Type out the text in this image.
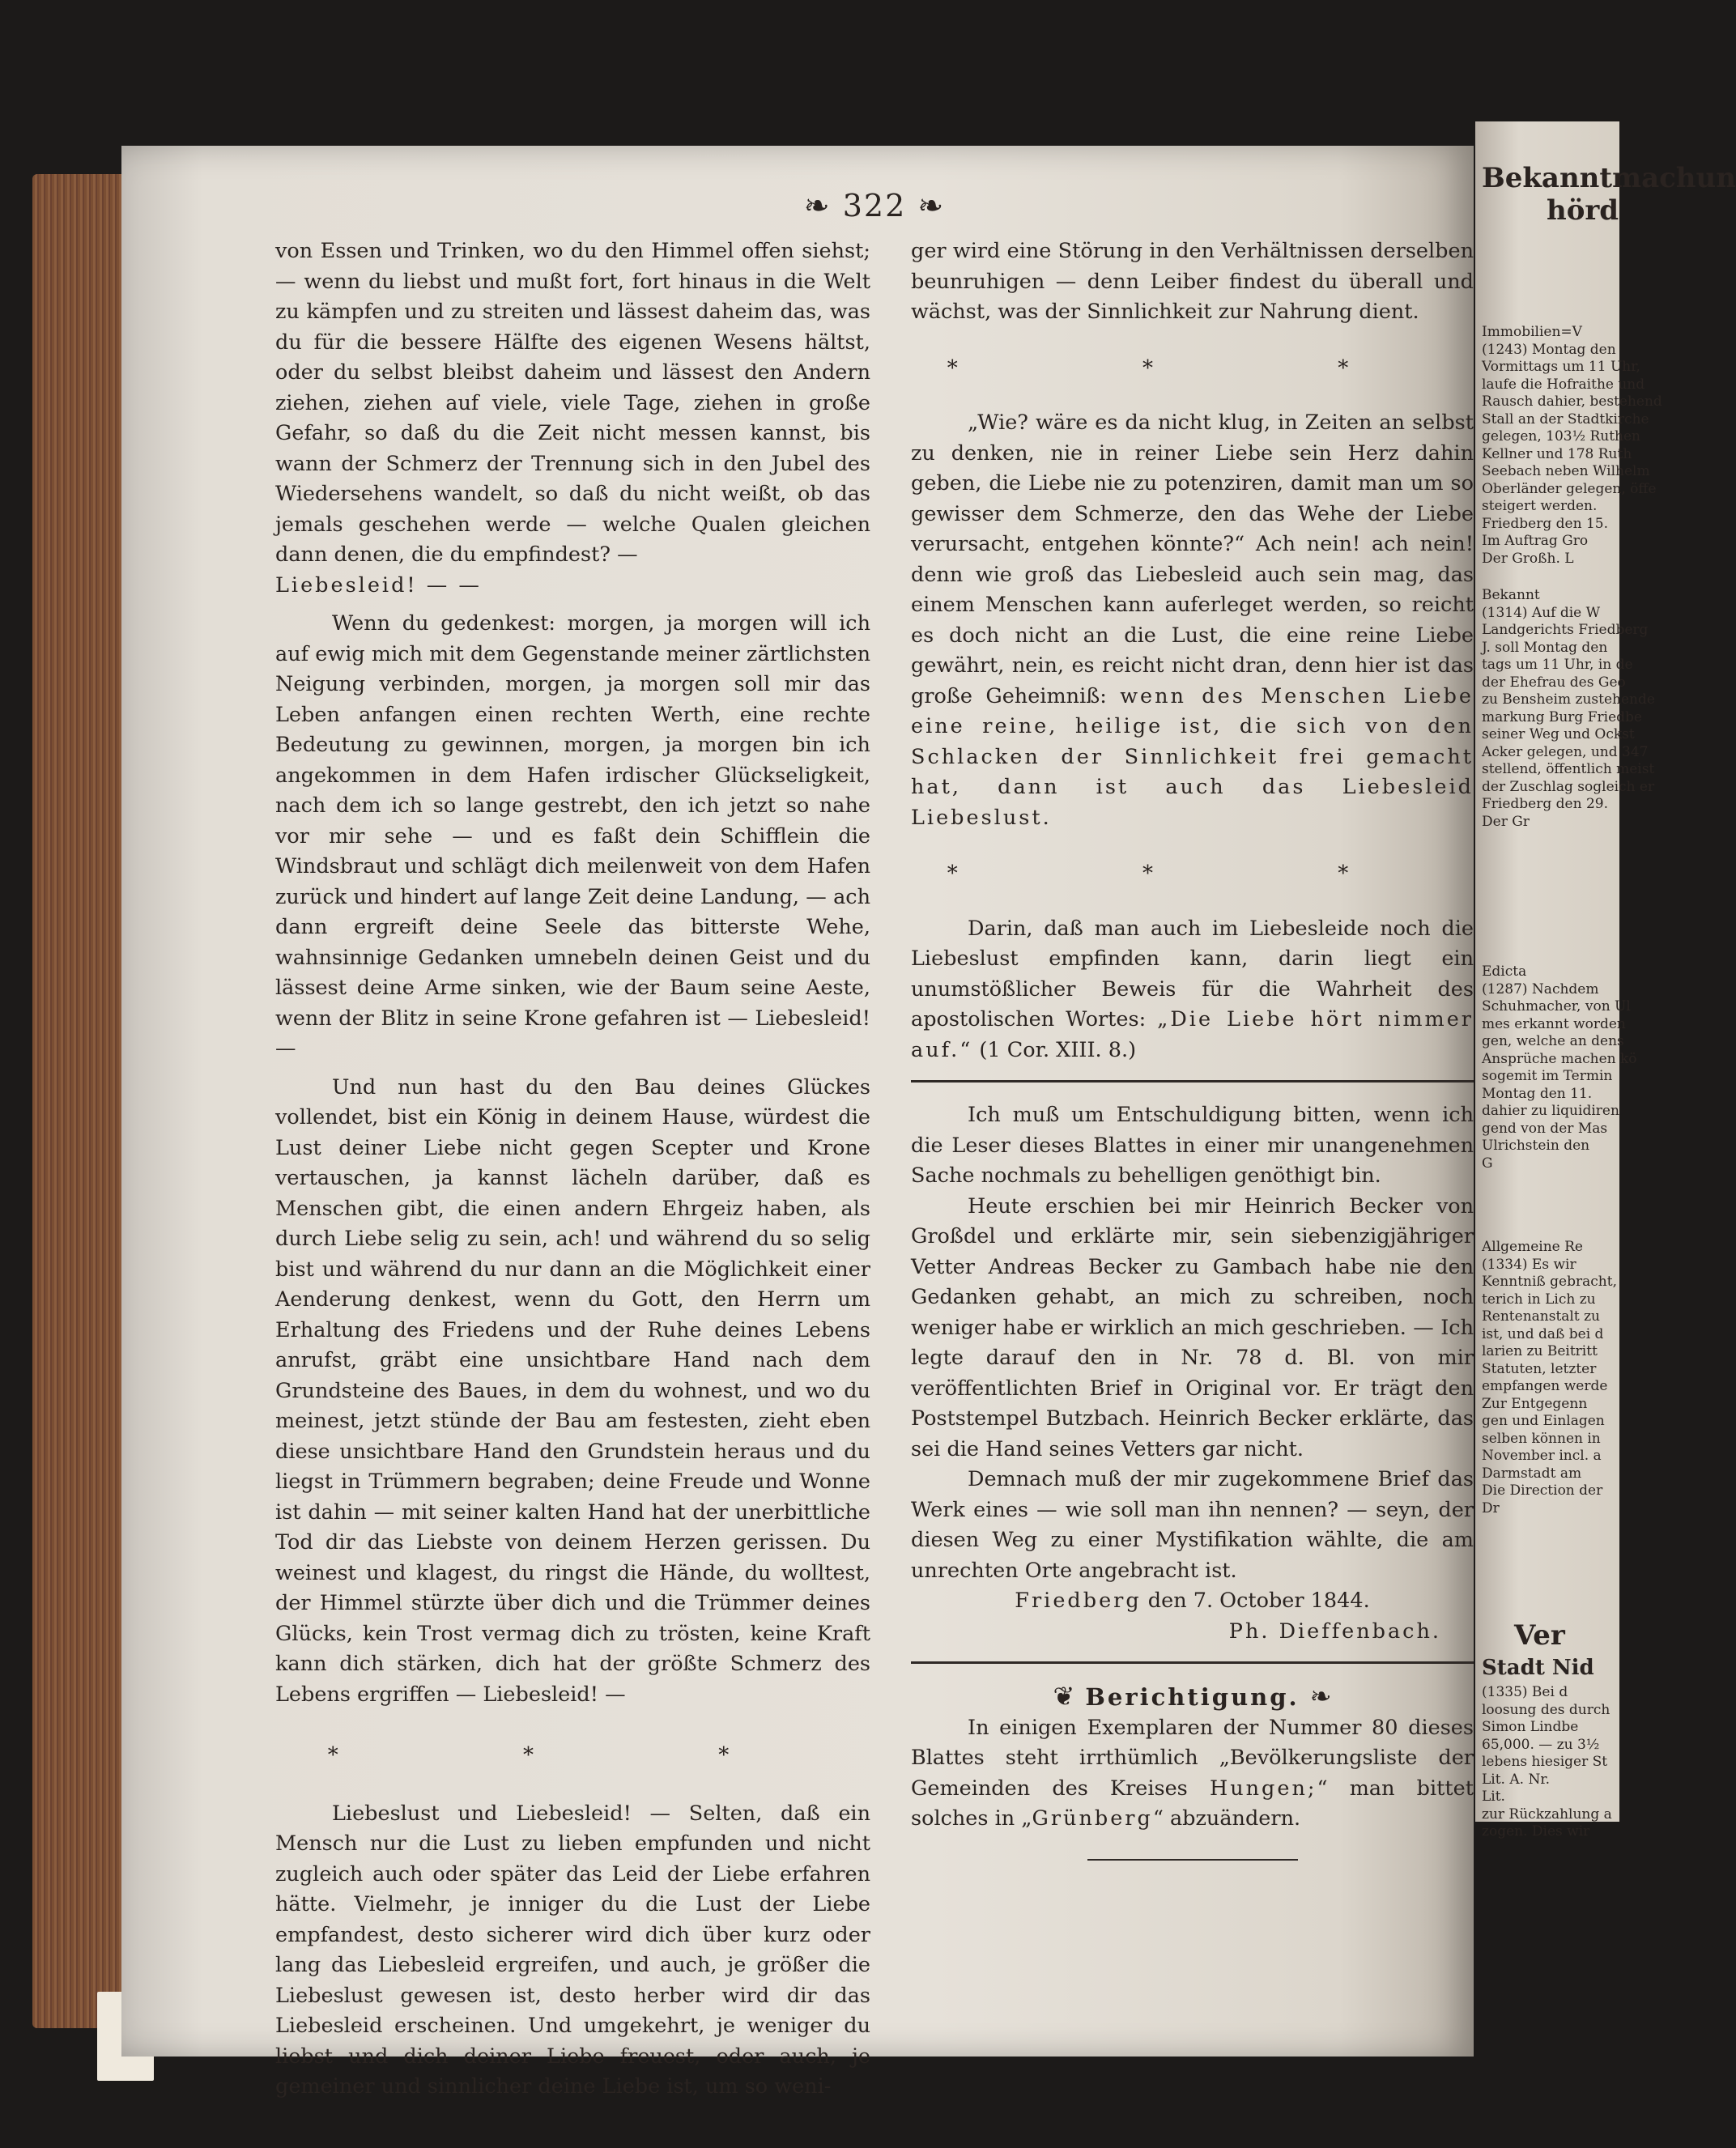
❧ 322 ❧

von Essen und Trinken, wo du den Himmel offen siehst; — wenn du liebst und mußt fort, fort hinaus in die Welt zu kämpfen und zu streiten und lässest daheim das, was du für die bessere Hälfte des eigenen Wesens hältst, oder du selbst bleibst daheim und lässest den Andern ziehen, ziehen auf viele, viele Tage, ziehen in große Gefahr, so daß du die Zeit nicht messen kannst, bis wann der Schmerz der Trennung sich in den Jubel des Wiedersehens wandelt, so daß du nicht weißt, ob das jemals geschehen werde — welche Qualen gleichen dann denen, die du empfindest? —

Liebesleid! — —

Wenn du gedenkest: morgen, ja morgen will ich auf ewig mich mit dem Gegenstande meiner zärtlichsten Neigung verbinden, morgen, ja morgen soll mir das Leben anfangen einen rechten Werth, eine rechte Bedeutung zu gewinnen, morgen, ja morgen bin ich angekommen in dem Hafen irdischer Glückseligkeit, nach dem ich so lange gestrebt, den ich jetzt so nahe vor mir sehe — und es faßt dein Schifflein die Windsbraut und schlägt dich meilenweit von dem Hafen zurück und hindert auf lange Zeit deine Landung, — ach dann ergreift deine Seele das bitterste Wehe, wahnsinnige Gedanken umnebeln deinen Geist und du lässest deine Arme sinken, wie der Baum seine Aeste, wenn der Blitz in seine Krone gefahren ist — Liebesleid! —

Und nun hast du den Bau deines Glückes vollendet, bist ein König in deinem Hause, würdest die Lust deiner Liebe nicht gegen Scepter und Krone vertauschen, ja kannst lächeln darüber, daß es Menschen gibt, die einen andern Ehrgeiz haben, als durch Liebe selig zu sein, ach! und während du so selig bist und während du nur dann an die Möglichkeit einer Aenderung denkest, wenn du Gott, den Herrn um Erhaltung des Friedens und der Ruhe deines Lebens anrufst, gräbt eine unsichtbare Hand nach dem Grundsteine des Baues, in dem du wohnest, und wo du meinest, jetzt stünde der Bau am festesten, zieht eben diese unsichtbare Hand den Grundstein heraus und du liegst in Trümmern begraben; deine Freude und Wonne ist dahin — mit seiner kalten Hand hat der unerbittliche Tod dir das Liebste von deinem Herzen gerissen. Du weinest und klagest, du ringst die Hände, du wolltest, der Himmel stürzte über dich und die Trümmer deines Glücks, kein Trost vermag dich zu trösten, keine Kraft kann dich stärken, dich hat der größte Schmerz des Lebens ergriffen — Liebesleid! —

* * *

Liebeslust und Liebesleid! — Selten, daß ein Mensch nur die Lust zu lieben empfunden und nicht zugleich auch oder später das Leid der Liebe erfahren hätte. Vielmehr, je inniger du die Lust der Liebe empfandest, desto sicherer wird dich über kurz oder lang das Liebesleid ergreifen, und auch, je größer die Liebeslust gewesen ist, desto herber wird dir das Liebesleid erscheinen. Und umgekehrt, je weniger du liebst und dich deiner Liebe freuest, oder auch, je gemeiner und sinnlicher deine Liebe ist, um so weni-

ger wird eine Störung in den Verhältnissen derselben beunruhigen — denn Leiber findest du überall und wächst, was der Sinnlichkeit zur Nahrung dient.

* * *

„Wie? wäre es da nicht klug, in Zeiten an selbst zu denken, nie in reiner Liebe sein Herz dahin geben, die Liebe nie zu potenziren, damit man um so gewisser dem Schmerze, den das Wehe der Liebe verursacht, entgehen könnte?“ Ach nein! ach nein! denn wie groß das Liebesleid auch sein mag, das einem Menschen kann auferleget werden, so reicht es doch nicht an die Lust, die eine reine Liebe gewährt, nein, es reicht nicht dran, denn hier ist das große Geheimniß: wenn des Menschen Liebe eine reine, heilige ist, die sich von den Schlacken der Sinnlichkeit frei gemacht hat, dann ist auch das Liebesleid Liebeslust.

* * *

Darin, daß man auch im Liebesleide noch die Liebeslust empfinden kann, darin liegt ein unumstößlicher Beweis für die Wahrheit des apostolischen Wortes: „Die Liebe hört nimmer auf.“ (1 Cor. XIII. 8.)

Ich muß um Entschuldigung bitten, wenn ich die Leser dieses Blattes in einer mir unangenehmen Sache nochmals zu behelligen genöthigt bin.

Heute erschien bei mir Heinrich Becker von Großdel und erklärte mir, sein siebenzigjähriger Vetter Andreas Becker zu Gambach habe nie den Gedanken gehabt, an mich zu schreiben, noch weniger habe er wirklich an mich geschrieben. — Ich legte darauf den in Nr. 78 d. Bl. von mir veröffentlichten Brief in Original vor. Er trägt den Poststempel Butzbach. Heinrich Becker erklärte, das sei die Hand seines Vetters gar nicht.

Demnach muß der mir zugekommene Brief das Werk eines — wie soll man ihn nennen? — seyn, der diesen Weg zu einer Mystifikation wählte, die am unrechten Orte angebracht ist.

Friedberg den 7. October 1844.

Ph. Dieffenbach.

❦ Berichtigung. ❧

In einigen Exemplaren der Nummer 80 dieses Blattes steht irrthümlich „Bevölkerungsliste der Gemeinden des Kreises Hungen;“ man bittet solches in „Grünberg“ abzuändern.

Bekanntmachun
hörd
Immobilien=V
(1243) Montag den
Vormittags um 11 Uhr,
laufe die Hofraithe und
Rausch dahier, bestehend
Stall an der Stadtkirche
gelegen, 103½ Ruthen
Kellner und 178 Ruth
Seebach neben Wilhelm
Oberländer gelegen, öffe
steigert werden.
Friedberg den 15.
Im Auftrag Gro
Der Großh. L
Bekannt
(1314) Auf die W
Landgerichts Friedberg
J. soll Montag den
tags um 11 Uhr, in de
der Ehefrau des Geo
zu Bensheim zustehende
markung Burg Friedbe
seiner Weg und Ockst
Acker gelegen, und 347
stellend, öffentlich meist
der Zuschlag sogleich er
Friedberg den 29.
Der Gr
Edicta
(1287) Nachdem
Schuhmacher, von Ul
mes erkannt worden
gen, welche an dens
Ansprüche machen kö
sogemit im Termin
Montag den 11.
dahier zu liquidiren
gend von der Mas
Ulrichstein den
G
Allgemeine Re
(1334) Es wir
Kenntniß gebracht,
terich in Lich zu
Rentenanstalt zu
ist, und daß bei d
larien zu Beitritt
Statuten, letzter
empfangen werde
Zur Entgegenn
gen und Einlagen
selben können in
November incl. a
Darmstadt am
Die Direction der
Dr
Ver
Stadt Nid
(1335) Bei d
loosung des durch
Simon Lindbe
65,000. — zu 3½
lebens hiesiger St
Lit. A. Nr.
Lit.
zur Rückzahlung a
zogen. Dies wir
